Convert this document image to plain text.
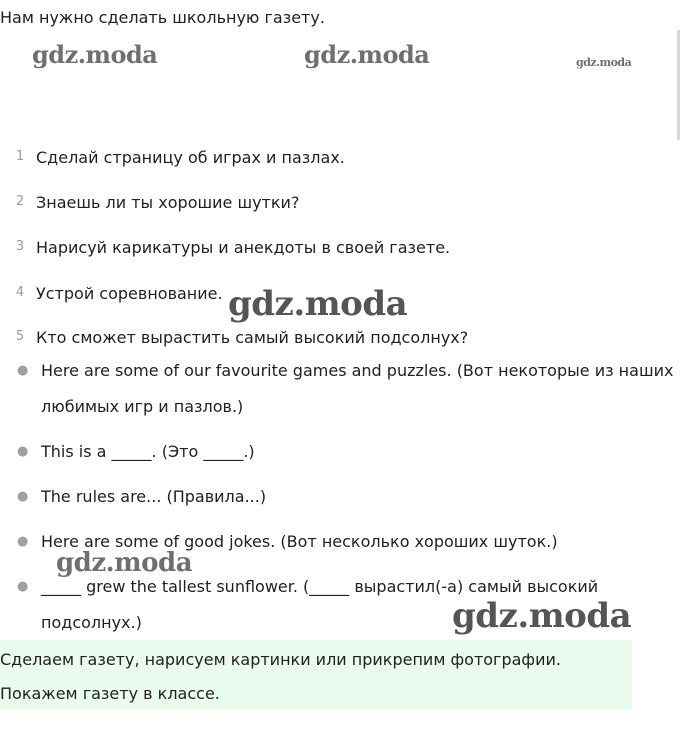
Нам нужно сделать школьную газету.
gdz.moda	gdz.moda	gdz.moda
1 Сделай страницу об играх и пазлах.
2 Знаешь ли ты хорошие шутки?
3 Нарисуй карикатуры и анекдоты в своей газете.
4 Устрой соревнование.
5 Кто сможет вырастить самый высокий подсолнух?
gdz.moda
● Here are some of our favourite games and puzzles. (Вот некоторые из наших
любимых игр и пазлов.)
● This is a _____. (Это _____.)
● The rules are... (Правила...)
● Here are some of good jokes. (Вот несколько хороших шуток.)
gdz.moda
● _____ grew the tallest sunflower. (_____ вырастил(-а) самый высокий
подсолнух.)	gdz.moda

Сделаем газету, нарисуем картинки или прикрепим фотографии.

Покажем газету в классе.
